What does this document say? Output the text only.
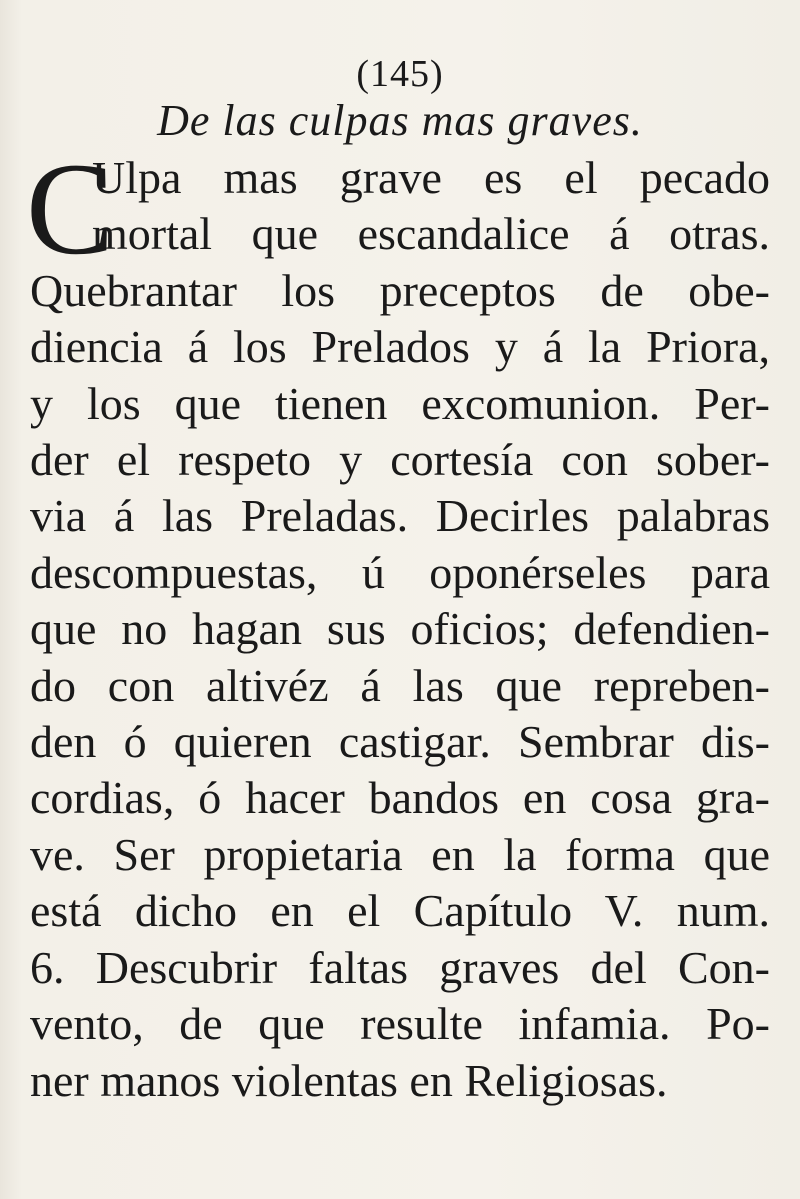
(145)
De las culpas mas graves.
C
Ulpa mas grave es el pecado
mortal que escandalice á otras.
Quebrantar los preceptos de obe-
diencia á los Prelados y á la Priora,
y los que tienen excomunion. Per-
der el respeto y cortesía con sober-
via á las Preladas. Decirles palabras
descompuestas, ú oponérseles para
que no hagan sus oficios; defendien-
do con altivéz á las que repreben-
den ó quieren castigar. Sembrar dis-
cordias, ó hacer bandos en cosa gra-
ve. Ser propietaria en la forma que
está dicho en el Capítulo V. num.
6. Descubrir faltas graves del Con-
vento, de que resulte infamia. Po-
ner manos violentas en Religiosas.
